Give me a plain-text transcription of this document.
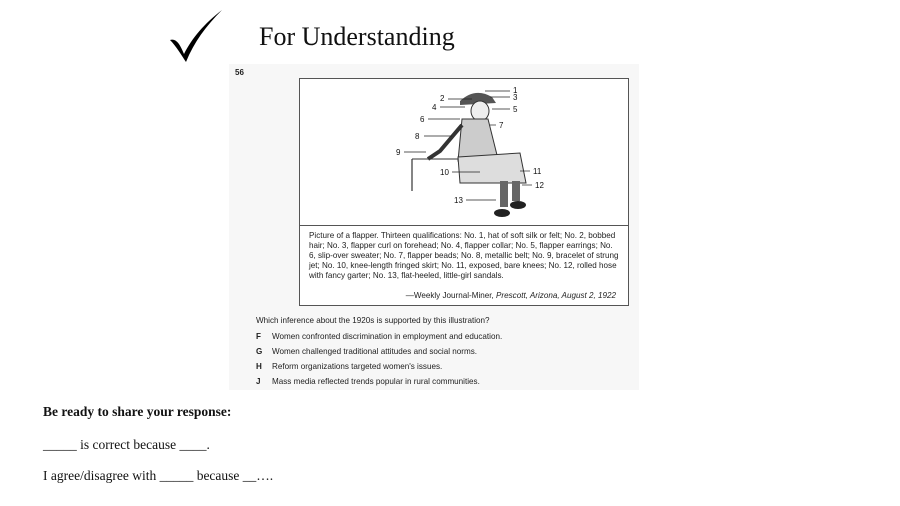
For Understanding
56
1
2	3
4	5
6
7
8
9
10	11
12
13
Picture of a flapper. Thirteen qualifications: No. 1, hat of soft silk or felt; No. 2, bobbed hair; No. 3, flapper curl on forehead; No. 4, flapper collar; No. 5, flapper earrings; No. 6, slip-over sweater; No. 7, flapper beads; No. 8, metallic belt; No. 9, bracelet of strung jet; No. 10, knee-length fringed skirt; No. 11, exposed, bare knees; No. 12, rolled hose with fancy garter; No. 13, flat-heeled, little-girl sandals.
—Weekly Journal-Miner, Prescott, Arizona, August 2, 1922
Which inference about the 1920s is supported by this illustration?
F Women confronted discrimination in employment and education.
G Women challenged traditional attitudes and social norms.
H Reform organizations targeted women's issues.
J Mass media reflected trends popular in rural communities.
Be ready to share your response:
_____ is correct because ____.
I agree/disagree with _____ because __….
